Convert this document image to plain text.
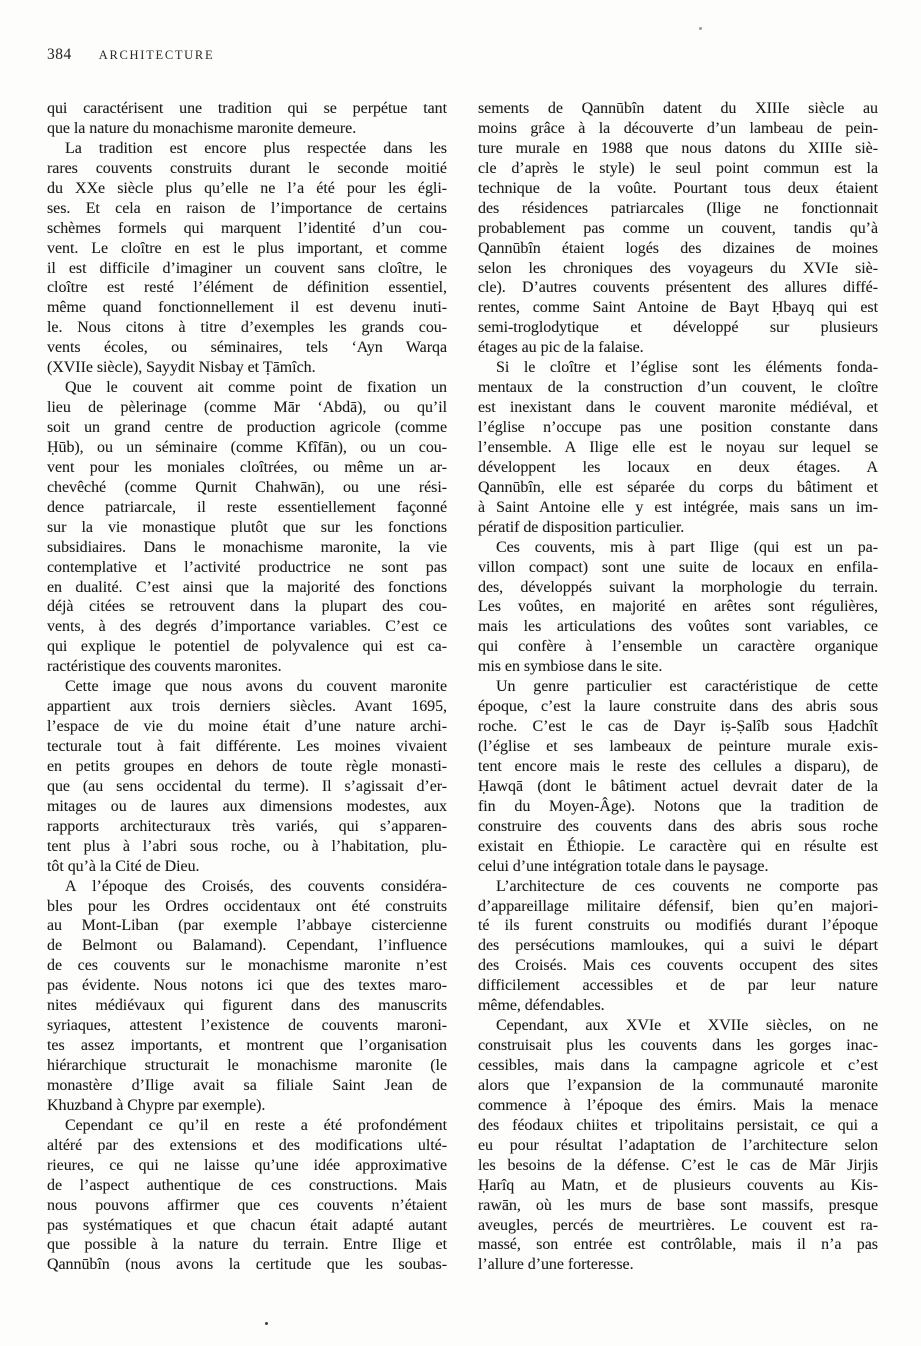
384 ARCHITECTURE

qui caractérisent une tradition qui se perpétue tant
que la nature du monachisme maronite demeure.

La tradition est encore plus respectée dans les
rares couvents construits durant le seconde moitié
du XXe siècle plus qu’elle ne l’a été pour les égli-
ses. Et cela en raison de l’importance de certains
schèmes formels qui marquent l’identité d’un cou-
vent. Le cloître en est le plus important, et comme
il est difficile d’imaginer un couvent sans cloître, le
cloître est resté l’élément de définition essentiel,
même quand fonctionnellement il est devenu inuti-
le. Nous citons à titre d’exemples les grands cou-
vents écoles, ou séminaires, tels ‘Ayn Warqa
(XVIIe siècle), Sayydit Nisbay et Ṭāmîch.

Que le couvent ait comme point de fixation un
lieu de pèlerinage (comme Mār ‘Abdā), ou qu’il
soit un grand centre de production agricole (comme
Ḥūb), ou un séminaire (comme Kfîfān), ou un cou-
vent pour les moniales cloîtrées, ou même un ar-
chevêché (comme Qurnit Chahwān), ou une rési-
dence patriarcale, il reste essentiellement façonné
sur la vie monastique plutôt que sur les fonctions
subsidiaires. Dans le monachisme maronite, la vie
contemplative et l’activité productrice ne sont pas
en dualité. C’est ainsi que la majorité des fonctions
déjà citées se retrouvent dans la plupart des cou-
vents, à des degrés d’importance variables. C’est ce
qui explique le potentiel de polyvalence qui est ca-
ractéristique des couvents maronites.

Cette image que nous avons du couvent maronite
appartient aux trois derniers siècles. Avant 1695,
l’espace de vie du moine était d’une nature archi-
tecturale tout à fait différente. Les moines vivaient
en petits groupes en dehors de toute règle monasti-
que (au sens occidental du terme). Il s’agissait d’er-
mitages ou de laures aux dimensions modestes, aux
rapports architecturaux très variés, qui s’apparen-
tent plus à l’abri sous roche, ou à l’habitation, plu-
tôt qu’à la Cité de Dieu.

A l’époque des Croisés, des couvents considéra-
bles pour les Ordres occidentaux ont été construits
au Mont-Liban (par exemple l’abbaye cistercienne
de Belmont ou Balamand). Cependant, l’influence
de ces couvents sur le monachisme maronite n’est
pas évidente. Nous notons ici que des textes maro-
nites médiévaux qui figurent dans des manuscrits
syriaques, attestent l’existence de couvents maroni-
tes assez importants, et montrent que l’organisation
hiérarchique structurait le monachisme maronite (le
monastère d’Ilige avait sa filiale Saint Jean de
Khuzband à Chypre par exemple).

Cependant ce qu’il en reste a été profondément
altéré par des extensions et des modifications ulté-
rieures, ce qui ne laisse qu’une idée approximative
de l’aspect authentique de ces constructions. Mais
nous pouvons affirmer que ces couvents n’étaient
pas systématiques et que chacun était adapté autant
que possible à la nature du terrain. Entre Ilige et
Qannūbîn (nous avons la certitude que les soubas-

sements de Qannūbîn datent du XIIIe siècle au
moins grâce à la découverte d’un lambeau de pein-
ture murale en 1988 que nous datons du XIIIe siè-
cle d’après le style) le seul point commun est la
technique de la voûte. Pourtant tous deux étaient
des résidences patriarcales (Ilige ne fonctionnait
probablement pas comme un couvent, tandis qu’à
Qannūbîn étaient logés des dizaines de moines
selon les chroniques des voyageurs du XVIe siè-
cle). D’autres couvents présentent des allures diffé-
rentes, comme Saint Antoine de Bayt Ḥbayq qui est
semi-troglodytique et développé sur plusieurs
étages au pic de la falaise.

Si le cloître et l’église sont les éléments fonda-
mentaux de la construction d’un couvent, le cloître
est inexistant dans le couvent maronite médiéval, et
l’église n’occupe pas une position constante dans
l’ensemble. A Ilige elle est le noyau sur lequel se
développent les locaux en deux étages. A
Qannūbîn, elle est séparée du corps du bâtiment et
à Saint Antoine elle y est intégrée, mais sans un im-
pératif de disposition particulier.

Ces couvents, mis à part Ilige (qui est un pa-
villon compact) sont une suite de locaux en enfila-
des, développés suivant la morphologie du terrain.
Les voûtes, en majorité en arêtes sont régulières,
mais les articulations des voûtes sont variables, ce
qui confère à l’ensemble un caractère organique
mis en symbiose dans le site.

Un genre particulier est caractéristique de cette
époque, c’est la laure construite dans des abris sous
roche. C’est le cas de Dayr iṣ-Ṣalîb sous Ḥadchît
(l’église et ses lambeaux de peinture murale exis-
tent encore mais le reste des cellules a disparu), de
Ḥawqā (dont le bâtiment actuel devrait dater de la
fin du Moyen-Âge). Notons que la tradition de
construire des couvents dans des abris sous roche
existait en Éthiopie. Le caractère qui en résulte est
celui d’une intégration totale dans le paysage.

L’architecture de ces couvents ne comporte pas
d’appareillage militaire défensif, bien qu’en majori-
té ils furent construits ou modifiés durant l’époque
des persécutions mamloukes, qui a suivi le départ
des Croisés. Mais ces couvents occupent des sites
difficilement accessibles et de par leur nature
même, défendables.

Cependant, aux XVIe et XVIIe siècles, on ne
construisait plus les couvents dans les gorges inac-
cessibles, mais dans la campagne agricole et c’est
alors que l’expansion de la communauté maronite
commence à l’époque des émirs. Mais la menace
des féodaux chiites et tripolitains persistait, ce qui a
eu pour résultat l’adaptation de l’architecture selon
les besoins de la défense. C’est le cas de Mār Jirjis
Ḥarîq au Matn, et de plusieurs couvents au Kis-
rawān, où les murs de base sont massifs, presque
aveugles, percés de meurtrières. Le couvent est ra-
massé, son entrée est contrôlable, mais il n’a pas
l’allure d’une forteresse.
